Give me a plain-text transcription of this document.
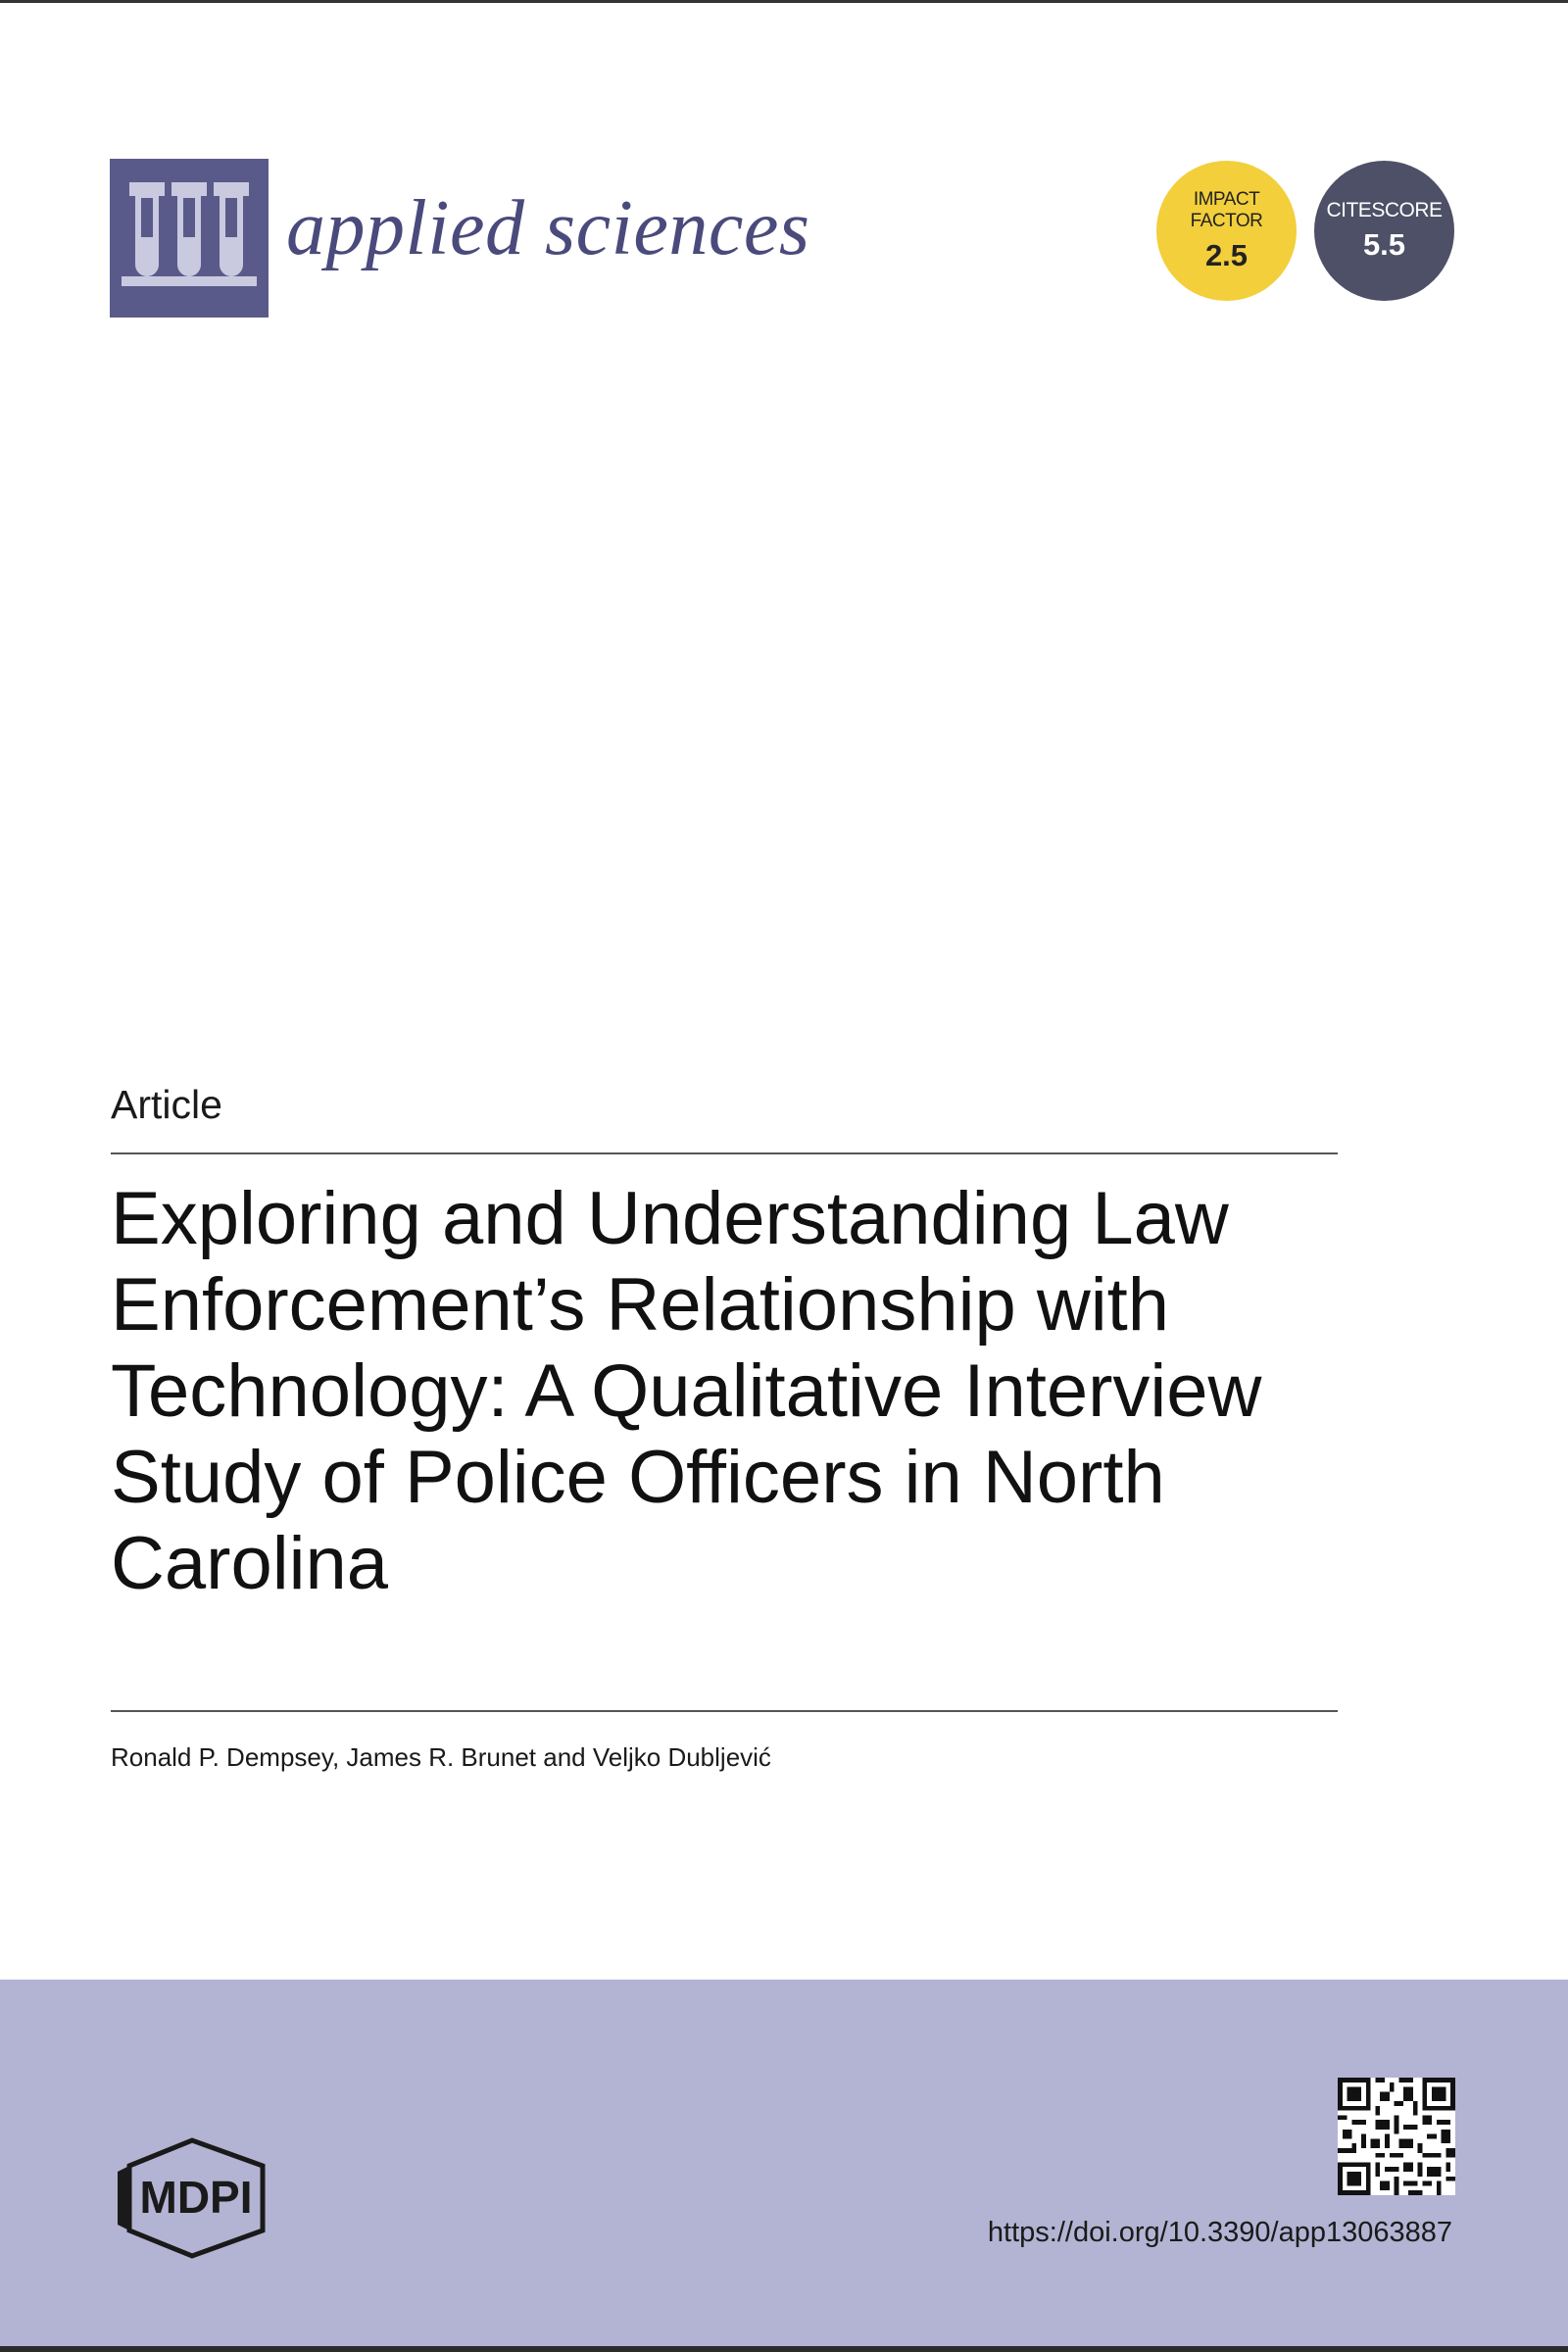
applied sciences	IMPACT
FACTOR
2.5
CITESCORE
5.5
Article
Exploring and Understanding Law Enforcement’s Relationship with Technology: A Qualitative Interview Study of Police Officers in North Carolina
Ronald P. Dempsey, James R. Brunet and Veljko Dubljević
MDPI
https://doi.org/10.3390/app13063887
